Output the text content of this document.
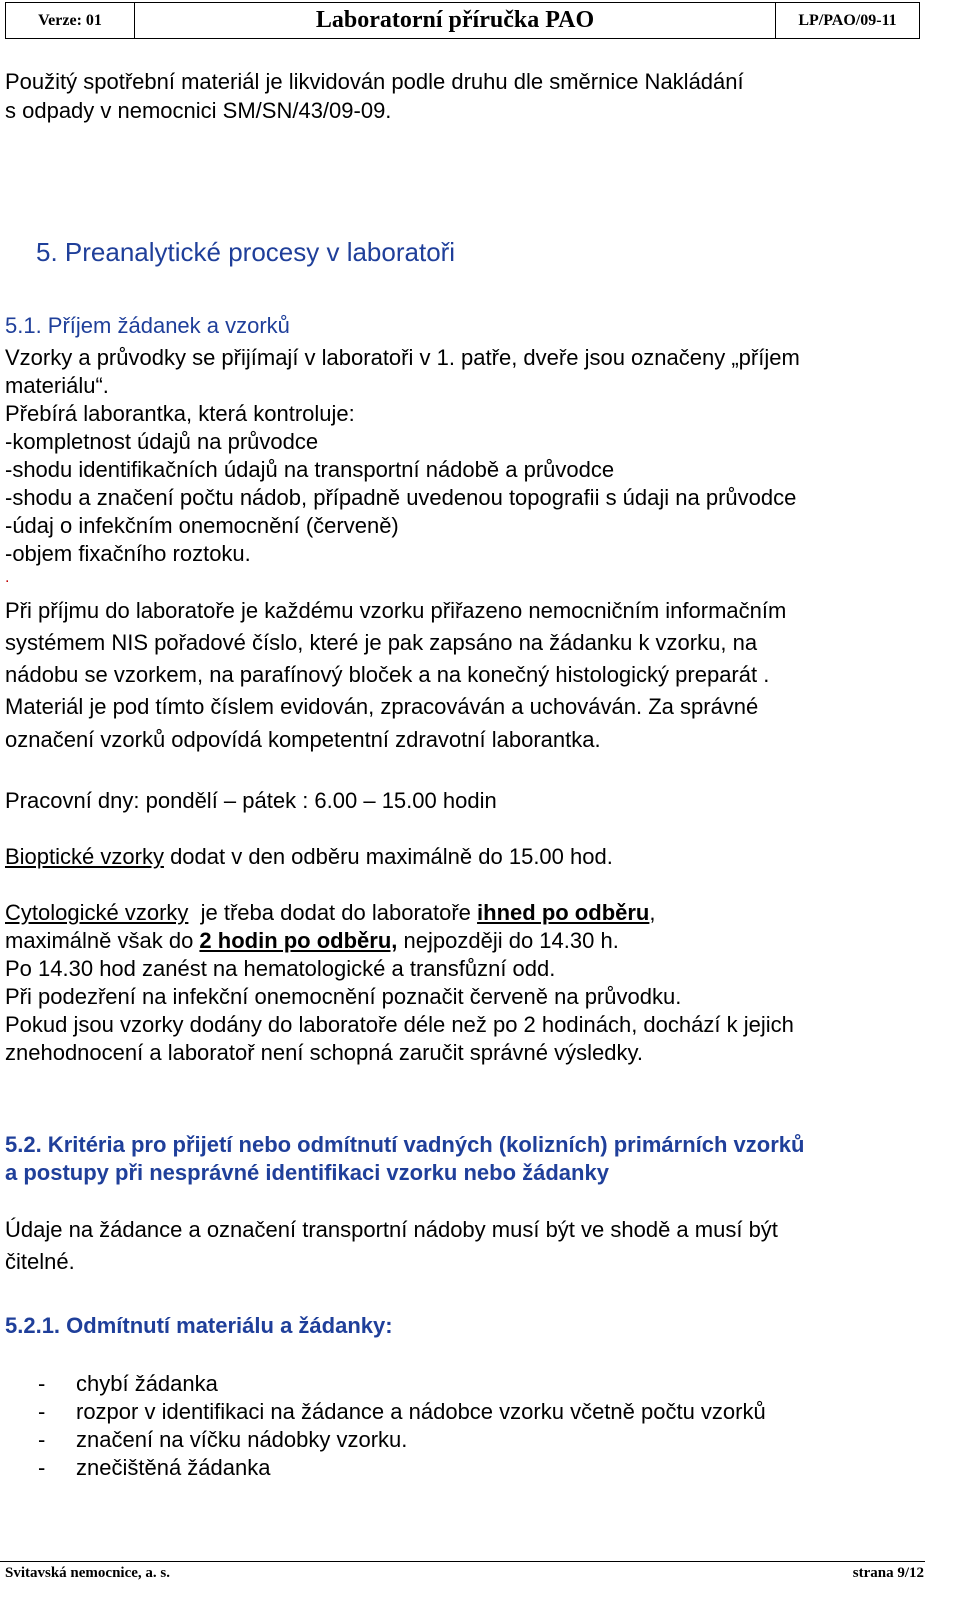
Verze: 01	Laboratorní příručka PAO	LP/PAO/09-11
Použitý spotřební materiál je likvidován podle druhu dle směrnice Nakládání
s odpady v nemocnici SM/SN/43/09-09.
5. Preanalytické procesy v laboratoři
5.1. Příjem žádanek a vzorků
Vzorky a průvodky se přijímají v laboratoři v 1. patře, dveře jsou označeny „příjem
materiálu“.
Přebírá laborantka, která kontroluje:
-kompletnost údajů na průvodce
-shodu identifikačních údajů na transportní nádobě a průvodce
-shodu a značení počtu nádob, případně uvedenou topografii s údaji na průvodce
-údaj o infekčním onemocnění (červeně)
-objem fixačního roztoku.
.
Při příjmu do laboratoře je každému vzorku přiřazeno nemocničním informačním
systémem NIS pořadové číslo, které je pak zapsáno na žádanku k vzorku, na
nádobu se vzorkem, na parafínový bloček a na konečný histologický preparát .
Materiál je pod tímto číslem evidován, zpracováván a uchováván. Za správné
označení vzorků odpovídá kompetentní zdravotní laborantka.
Pracovní dny: pondělí – pátek : 6.00 – 15.00 hodin
Bioptické vzorky dodat v den odběru maximálně do 15.00 hod.
Cytologické vzorky  je třeba dodat do laboratoře ihned po odběru,
maximálně však do 2 hodin po odběru, nejpozději do 14.30 h.
Po 14.30 hod zanést na hematologické a transfůzní odd.
Při podezření na infekční onemocnění poznačit červeně na průvodku.
Pokud jsou vzorky dodány do laboratoře déle než po 2 hodinách, dochází k jejich
znehodnocení a laboratoř není schopná zaručit správné výsledky.
5.2. Kritéria pro přijetí nebo odmítnutí vadných (kolizních) primárních vzorků
a postupy při nesprávné identifikaci vzorku nebo žádanky
Údaje na žádance a označení transportní nádoby musí být ve shodě a musí být
čitelné.
5.2.1. Odmítnutí materiálu a žádanky:
- chybí žádanka
- rozpor v identifikaci na žádance a nádobce vzorku včetně počtu vzorků
- značení na víčku nádobky vzorku.
- znečištěná žádanka
Svitavská nemocnice, a. s.	strana 9/12
